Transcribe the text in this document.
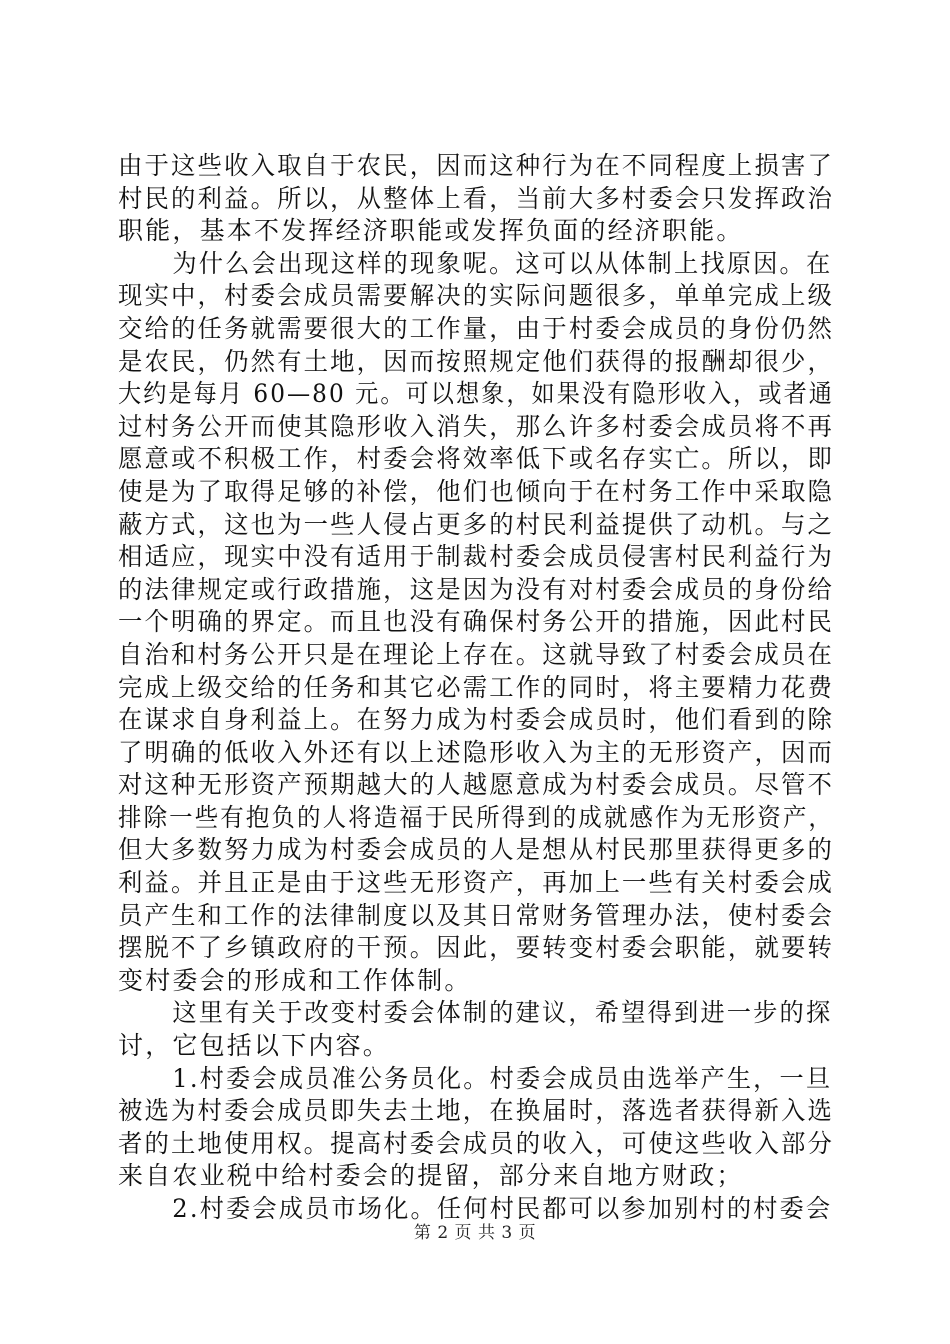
由于这些收入取自于农民，因而这种行为在不同程度上损害了
村民的利益。所以，从整体上看，当前大多村委会只发挥政治
职能，基本不发挥经济职能或发挥负面的经济职能。
为什么会出现这样的现象呢。这可以从体制上找原因。在
现实中，村委会成员需要解决的实际问题很多，单单完成上级
交给的任务就需要很大的工作量，由于村委会成员的身份仍然
是农民，仍然有土地，因而按照规定他们获得的报酬却很少，
大约是每月 60—80 元。可以想象，如果没有隐形收入，或者通
过村务公开而使其隐形收入消失，那么许多村委会成员将不再
愿意或不积极工作，村委会将效率低下或名存实亡。所以，即
使是为了取得足够的补偿，他们也倾向于在村务工作中采取隐
蔽方式，这也为一些人侵占更多的村民利益提供了动机。与之
相适应，现实中没有适用于制裁村委会成员侵害村民利益行为
的法律规定或行政措施，这是因为没有对村委会成员的身份给
一个明确的界定。而且也没有确保村务公开的措施，因此村民
自治和村务公开只是在理论上存在。这就导致了村委会成员在
完成上级交给的任务和其它必需工作的同时，将主要精力花费
在谋求自身利益上。在努力成为村委会成员时，他们看到的除
了明确的低收入外还有以上述隐形收入为主的无形资产，因而
对这种无形资产预期越大的人越愿意成为村委会成员。尽管不
排除一些有抱负的人将造福于民所得到的成就感作为无形资产，
但大多数努力成为村委会成员的人是想从村民那里获得更多的
利益。并且正是由于这些无形资产，再加上一些有关村委会成
员产生和工作的法律制度以及其日常财务管理办法，使村委会
摆脱不了乡镇政府的干预。因此，要转变村委会职能，就要转
变村委会的形成和工作体制。
这里有关于改变村委会体制的建议，希望得到进一步的探
讨，它包括以下内容。
1.村委会成员准公务员化。村委会成员由选举产生，一旦
被选为村委会成员即失去土地，在换届时，落选者获得新入选
者的土地使用权。提高村委会成员的收入，可使这些收入部分
来自农业税中给村委会的提留，部分来自地方财政；
2.村委会成员市场化。任何村民都可以参加别村的村委会
第 2 页 共 3 页
